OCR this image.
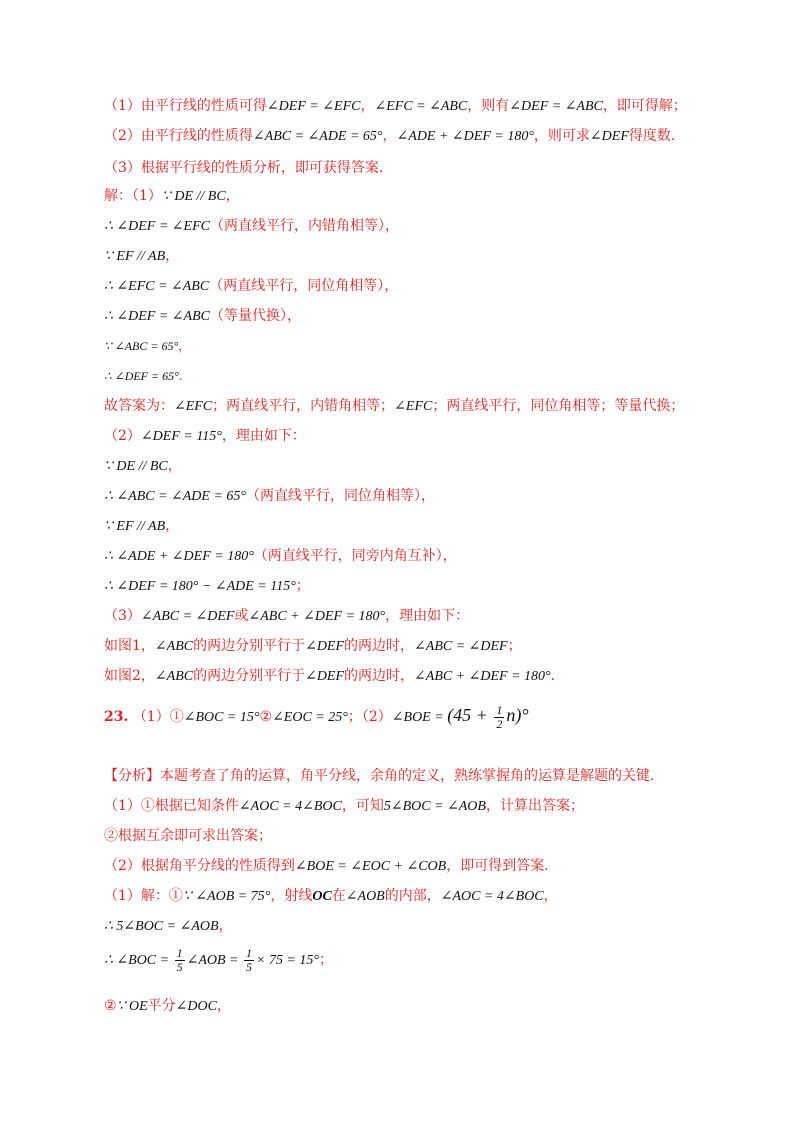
（1）由平行线的性质可得∠DEF = ∠EFC，∠EFC = ∠ABC，则有∠DEF = ∠ABC，即可得解；
（2）由平行线的性质得∠ABC = ∠ADE = 65°，∠ADE + ∠DEF = 180°，则可求∠DEF得度数.
（3）根据平行线的性质分析，即可获得答案.
解：（1）∵ DE // BC，
∴ ∠DEF = ∠EFC（两直线平行，内错角相等），
∵ EF // AB，
∴ ∠EFC = ∠ABC（两直线平行，同位角相等），
∴ ∠DEF = ∠ABC（等量代换），
∵ ∠ABC = 65°，
∴ ∠DEF = 65°.
故答案为：∠EFC；两直线平行，内错角相等；∠EFC；两直线平行，同位角相等；等量代换；
（2）∠DEF = 115°，理由如下：
∵ DE // BC，
∴ ∠ABC = ∠ADE = 65°（两直线平行，同位角相等），
∵ EF // AB，
∴ ∠ADE + ∠DEF = 180°（两直线平行，同旁内角互补），
∴ ∠DEF = 180° − ∠ADE = 115°；
（3）∠ABC = ∠DEF或∠ABC + ∠DEF = 180°，理由如下：
如图1，∠ABC的两边分别平行于∠DEF的两边时，∠ABC = ∠DEF；
如图2，∠ABC的两边分别平行于∠DEF的两边时，∠ABC + ∠DEF = 180°.
23. （1）①∠BOC = 15°②∠EOC = 25°；（2）∠BOE = $(45 + \frac{1}{2} n)^\circ$
【分析】本题考查了角的运算，角平分线，余角的定义，熟练掌握角的运算是解题的关键.
（1）①根据已知条件∠AOC = 4∠BOC，可知5∠BOC = ∠AOB，计算出答案；
②根据互余即可求出答案；
（2）根据角平分线的性质得到∠BOE = ∠EOC + ∠COB，即可得到答案.
（1）解：①∵ ∠AOB = 75°，射线OC在∠AOB的内部，∠AOC = 4∠BOC，
∴ 5∠BOC = ∠AOB，
∴ ∠BOC = $\frac{1}{5}$ ∠AOB = $\frac{1}{5} \times 75 = 15^\circ$；
②∵ OE平分∠DOC，
